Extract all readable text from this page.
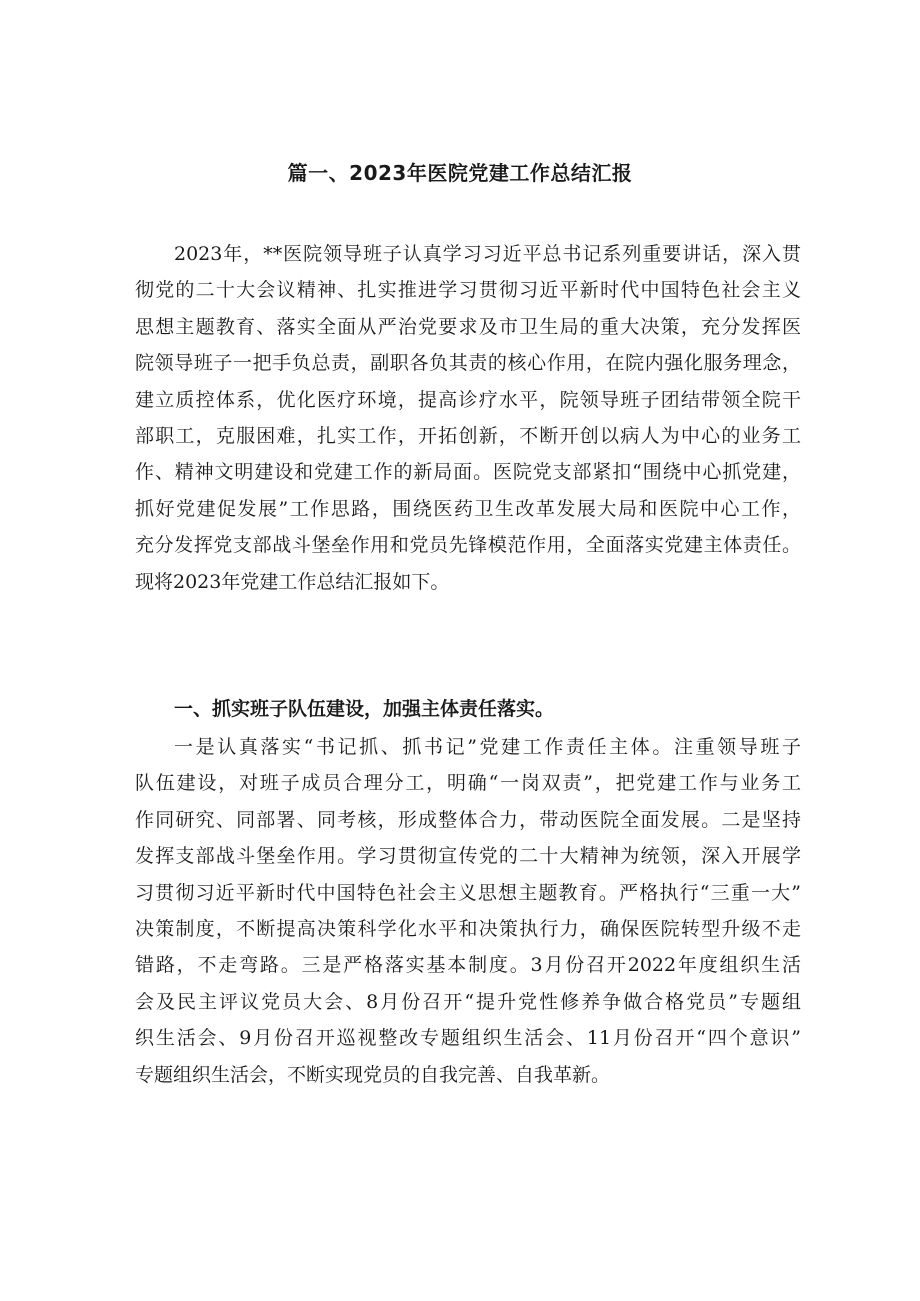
篇一、2023年医院党建工作总结汇报
2023年，**医院领导班子认真学习习近平总书记系列重要讲话，深入贯
彻党的二十大会议精神、扎实推进学习贯彻习近平新时代中国特色社会主义
思想主题教育、落实全面从严治党要求及市卫生局的重大决策，充分发挥医
院领导班子一把手负总责，副职各负其责的核心作用，在院内强化服务理念，
建立质控体系，优化医疗环境，提高诊疗水平，院领导班子团结带领全院干
部职工，克服困难，扎实工作，开拓创新，不断开创以病人为中心的业务工
作、精神文明建设和党建工作的新局面。医院党支部紧扣“围绕中心抓党建，
抓好党建促发展”工作思路，围绕医药卫生改革发展大局和医院中心工作，
充分发挥党支部战斗堡垒作用和党员先锋模范作用，全面落实党建主体责任。
现将2023年党建工作总结汇报如下。
一、抓实班子队伍建设，加强主体责任落实。
一是认真落实“书记抓、抓书记”党建工作责任主体。注重领导班子
队伍建设，对班子成员合理分工，明确“一岗双责”，把党建工作与业务工
作同研究、同部署、同考核，形成整体合力，带动医院全面发展。二是坚持
发挥支部战斗堡垒作用。学习贯彻宣传党的二十大精神为统领，深入开展学
习贯彻习近平新时代中国特色社会主义思想主题教育。严格执行“三重一大”
决策制度，不断提高决策科学化水平和决策执行力，确保医院转型升级不走
错路，不走弯路。三是严格落实基本制度。3月份召开2022年度组织生活
会及民主评议党员大会、8月份召开“提升党性修养争做合格党员”专题组
织生活会、9月份召开巡视整改专题组织生活会、11月份召开“四个意识”
专题组织生活会，不断实现党员的自我完善、自我革新。
